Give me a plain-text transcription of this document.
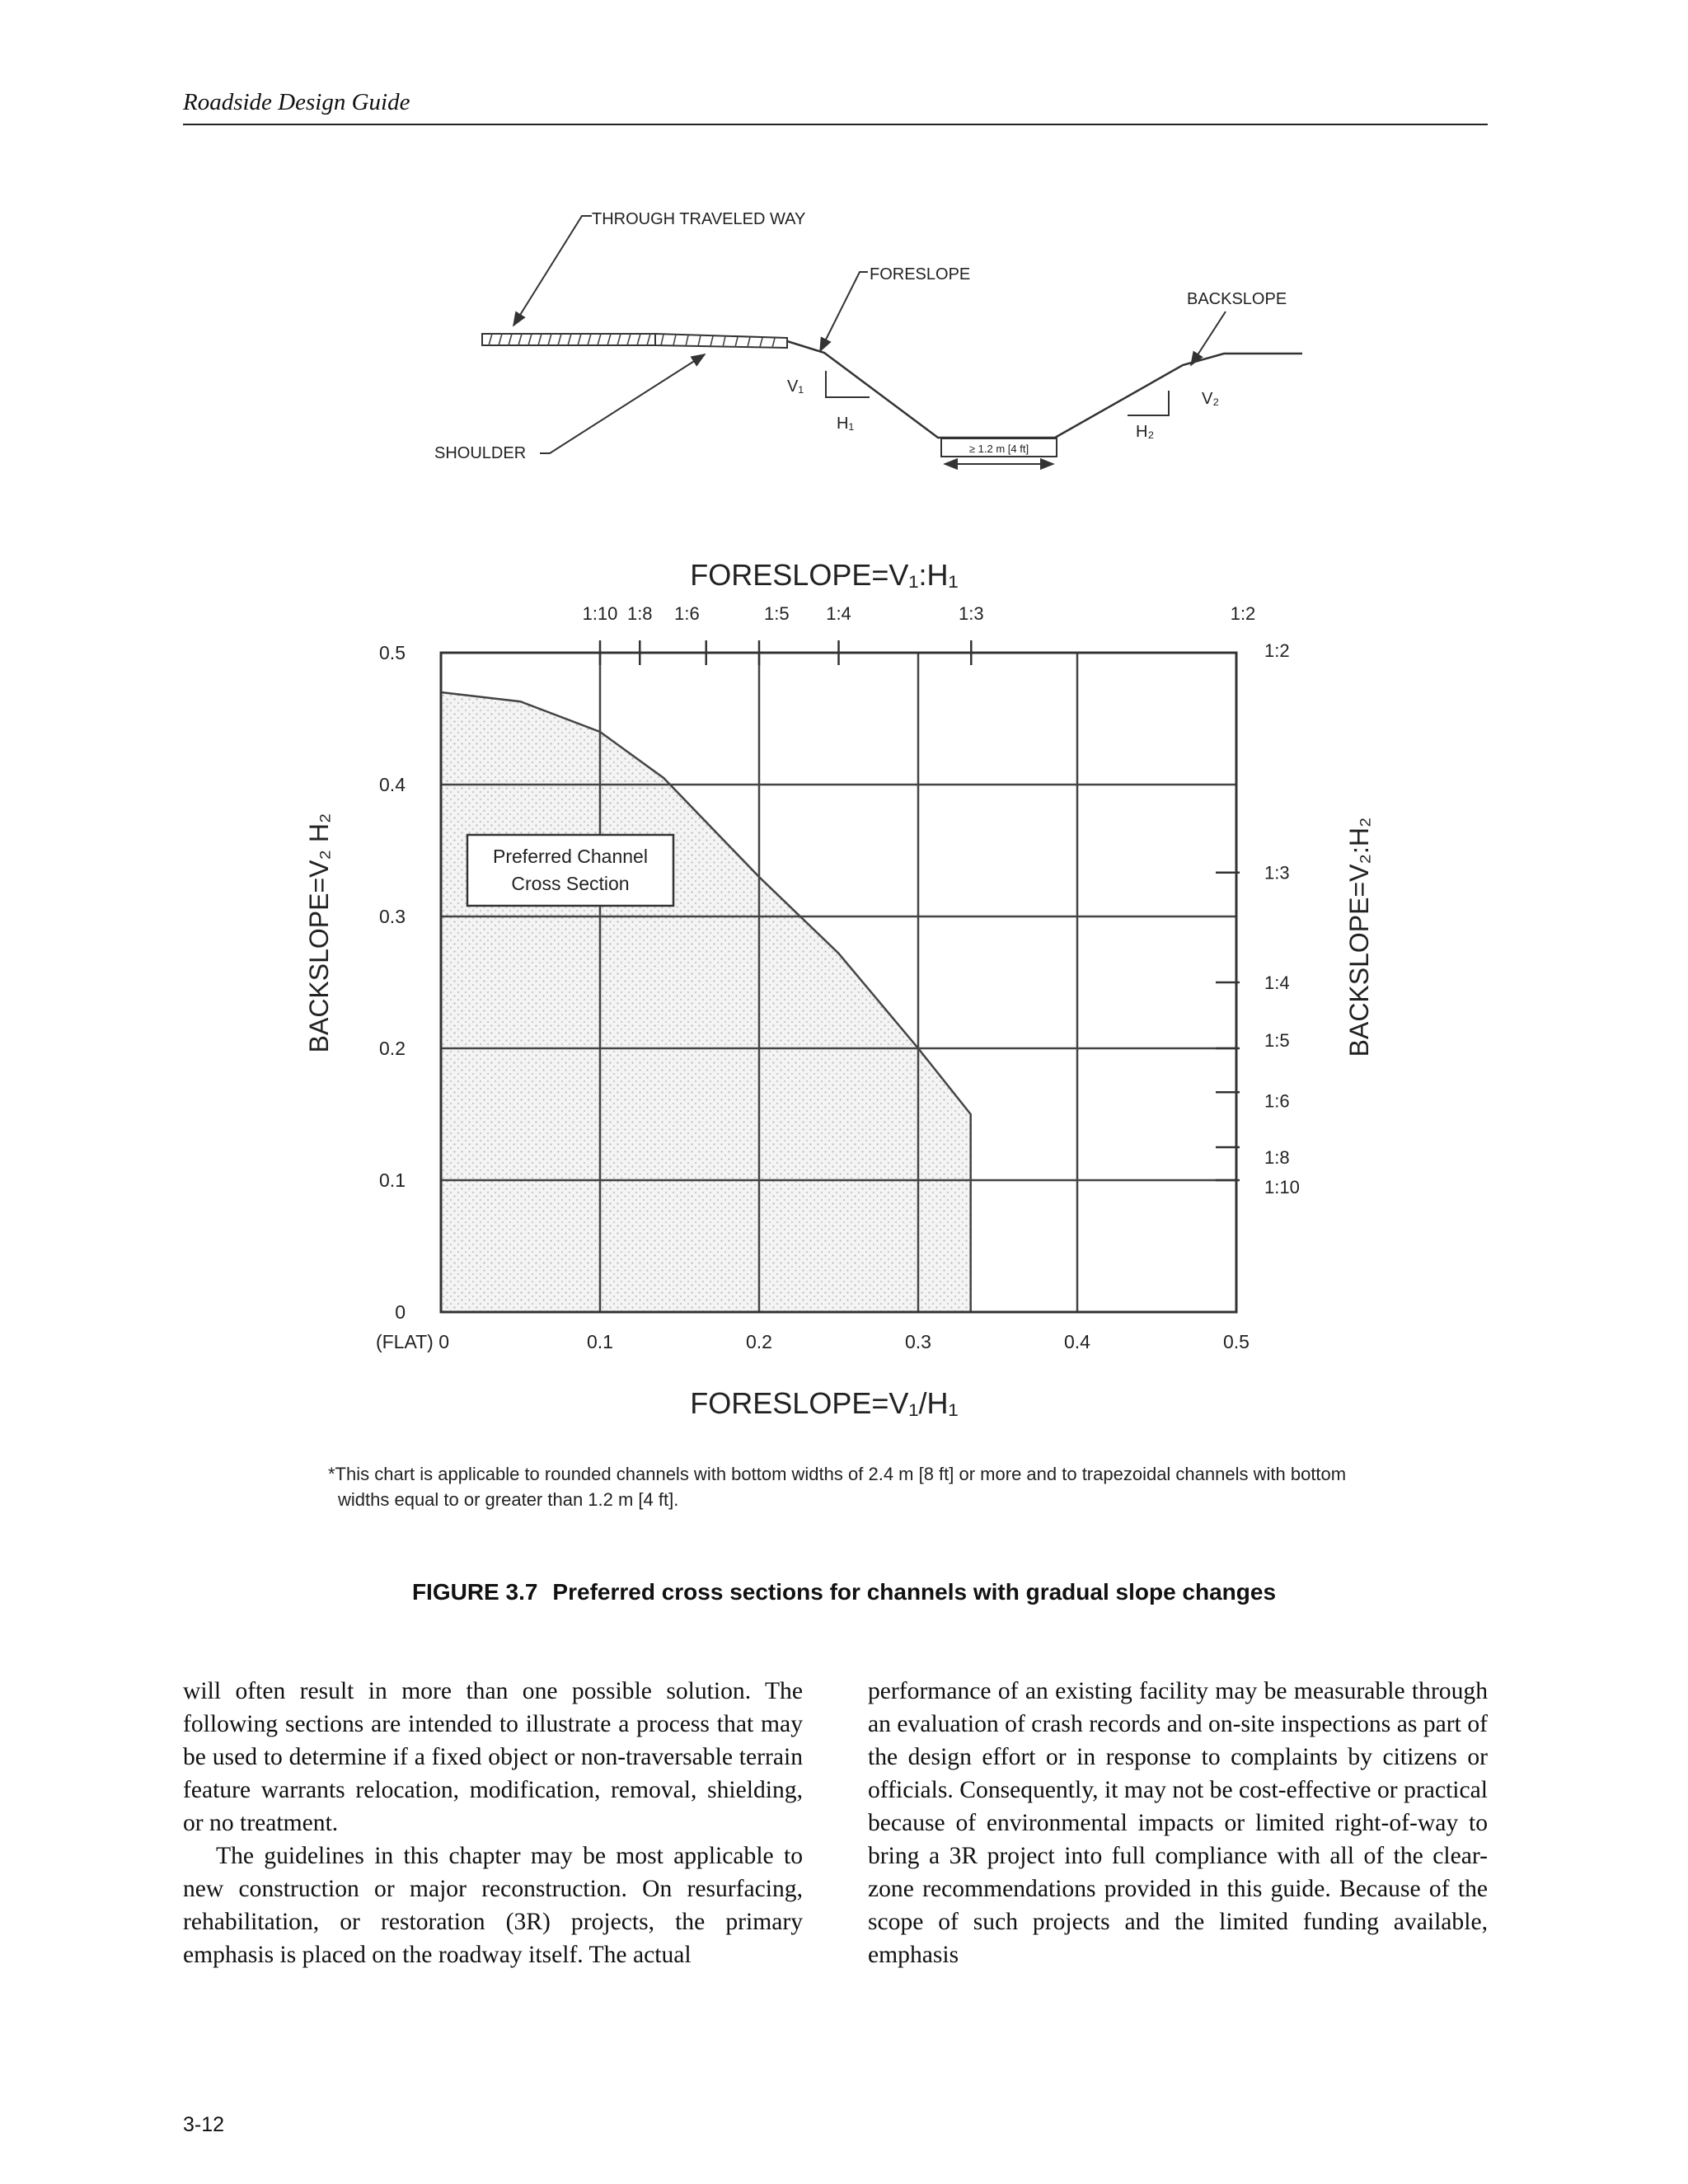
Roadside Design Guide
THROUGH TRAVELED WAY
FORESLOPE
BACKSLOPE
SHOULDER
V₁
H₁
V₂
H₂
≥ 1.2 m [4 ft]
(FLAT) 0	0.1	0.2	0.3	0.4	0.5
0
0.1
0.2
0.3
0.4
0.5
1:10 1:8 1:6	1:5 1:4	1:3	1:2
1:2
1:3
1:4
1:5
1:6
1:8
1:10
Preferred Channel
Cross Section
FORESLOPE=V₁:H₁
FORESLOPE=V₁/H₁
BACKSLOPE=V₂ H₂	BACKSLOPE=V₂:H₂
*This chart is applicable to rounded channels with bottom widths of 2.4 m [8 ft] or more and to trapezoidal channels with bottom widths equal to or greater than 1.2 m [4 ft].
FIGURE 3.7 Preferred cross sections for channels with gradual slope changes

will often result in more than one possible solution. The following sections are intended to illustrate a process that may be used to determine if a fixed object or non-traversable terrain feature warrants relocation, modification, removal, shielding, or no treatment.

The guidelines in this chapter may be most applicable to new construction or major reconstruction. On resurfacing, rehabilitation, or restoration (3R) projects, the primary emphasis is placed on the roadway itself. The actual

performance of an existing facility may be measurable through an evaluation of crash records and on-site inspections as part of the design effort or in response to complaints by citizens or officials. Consequently, it may not be cost-effective or practical because of environmental impacts or limited right-of-way to bring a 3R project into full compliance with all of the clear-zone recommendations provided in this guide. Because of the scope of such projects and the limited funding available, emphasis

3-12
